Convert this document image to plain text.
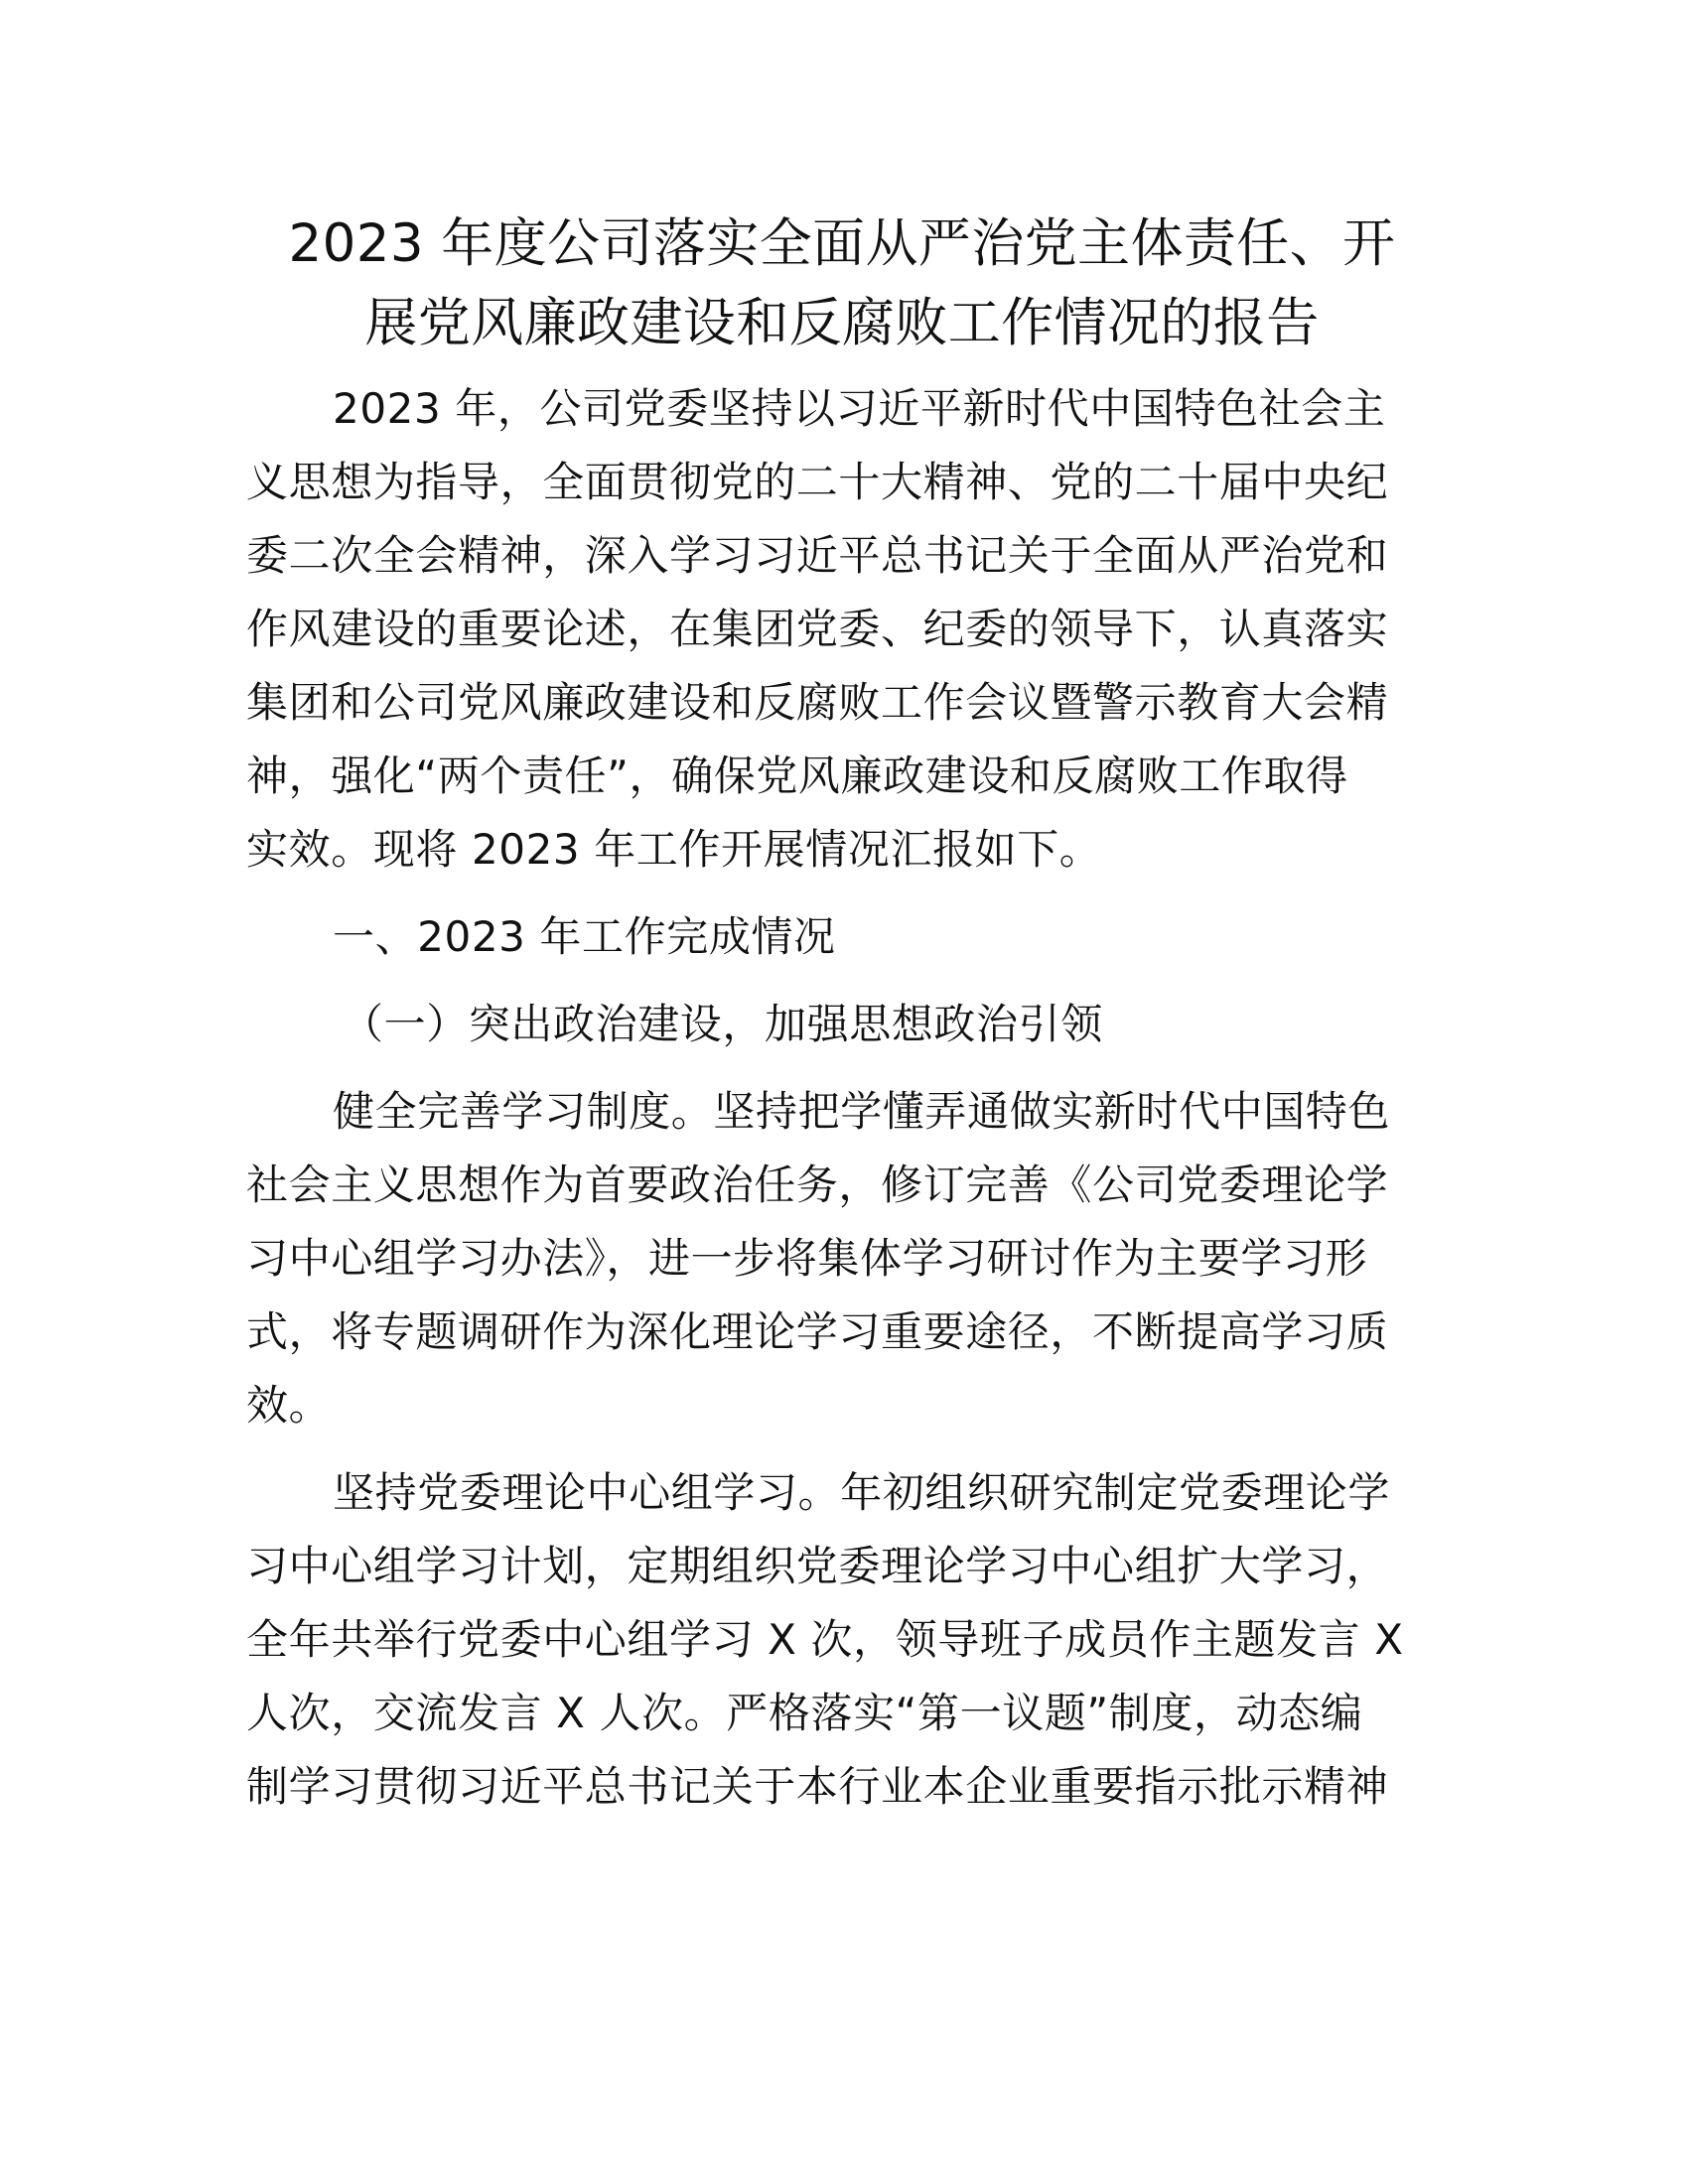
2023 年度公司落实全面从严治党主体责任、开
展党风廉政建设和反腐败工作情况的报告
2023 年，公司党委坚持以习近平新时代中国特色社会主
义思想为指导，全面贯彻党的二十大精神、党的二十届中央纪
委二次全会精神，深入学习习近平总书记关于全面从严治党和
作风建设的重要论述，在集团党委、纪委的领导下，认真落实
集团和公司党风廉政建设和反腐败工作会议暨警示教育大会精
神，强化“两个责任”，确保党风廉政建设和反腐败工作取得
实效。现将 2023 年工作开展情况汇报如下。
一、2023 年工作完成情况
（一）突出政治建设，加强思想政治引领
健全完善学习制度。坚持把学懂弄通做实新时代中国特色
社会主义思想作为首要政治任务，修订完善《公司党委理论学
习中心组学习办法》，进一步将集体学习研讨作为主要学习形
式，将专题调研作为深化理论学习重要途径，不断提高学习质
效。
坚持党委理论中心组学习。年初组织研究制定党委理论学
习中心组学习计划，定期组织党委理论学习中心组扩大学习，
全年共举行党委中心组学习 X 次，领导班子成员作主题发言 X
人次，交流发言 X 人次。严格落实“第一议题”制度，动态编
制学习贯彻习近平总书记关于本行业本企业重要指示批示精神
